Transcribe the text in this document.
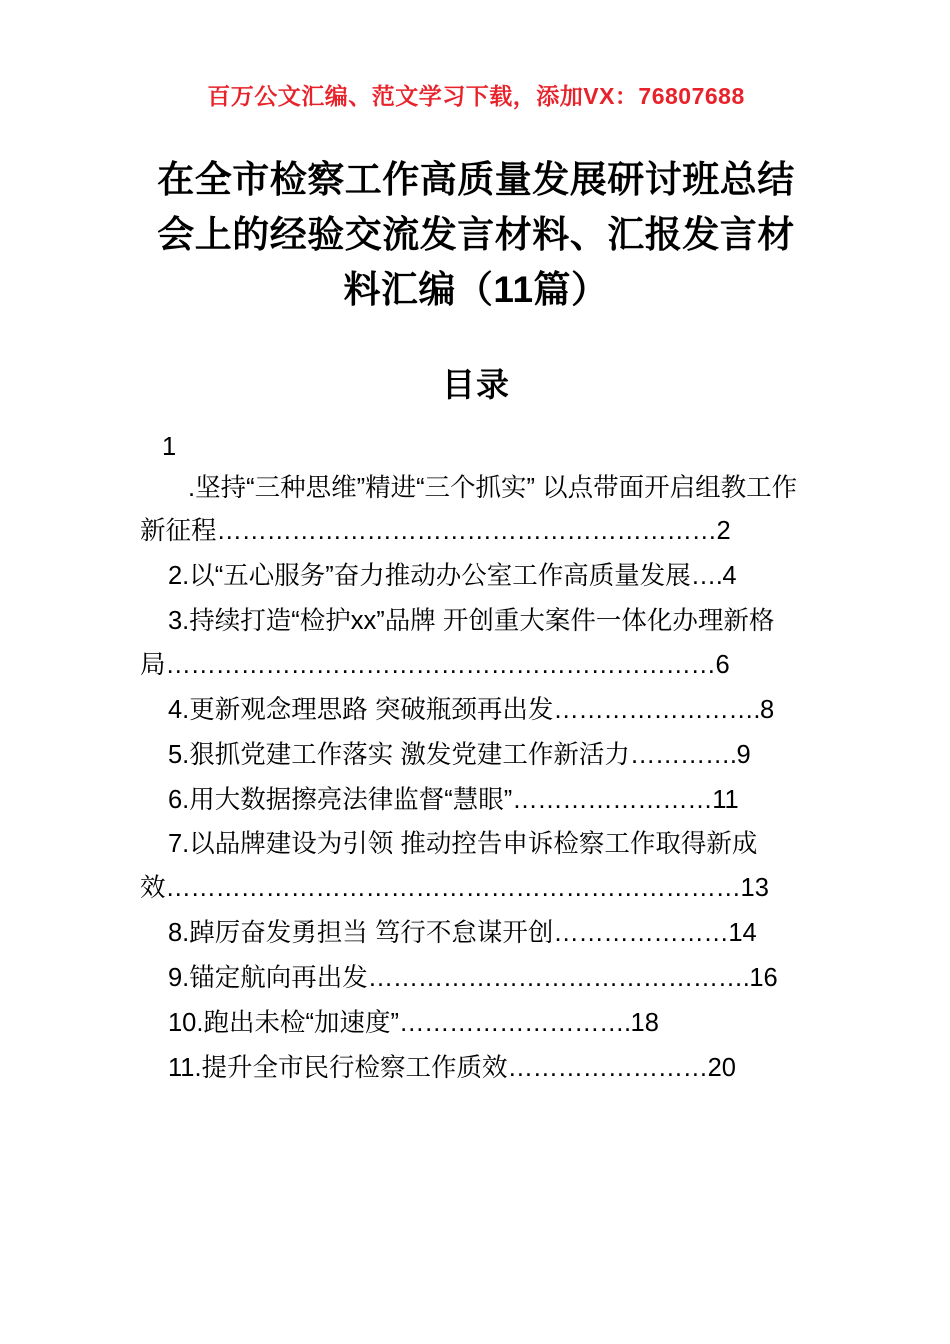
百万公文汇编、范文学习下载，添加VX：76807688
在全市检察工作高质量发展研讨班总结会上的经验交流发言材料、汇报发言材料汇编（11篇）
目录
1
.坚持“三种思维”精进“三个抓实” 以点带面开启组教工作新征程……………………………………………………2
2.以“五心服务”奋力推动办公室工作高质量发展….4
3.持续打造“检护xx”品牌 开创重大案件一体化办理新格局…………………………………………………………6
4.更新观念理思路 突破瓶颈再出发…………………….8
5.狠抓党建工作落实 激发党建工作新活力………….9
6.用大数据擦亮法律监督“慧眼”……………………11
7.以品牌建设为引领 推动控告申诉检察工作取得新成效……………………………………………………………13
8.踔厉奋发勇担当 笃行不怠谋开创…………………14
9.锚定航向再出发……………………………………….16
10.跑出未检“加速度”……………………….18
11.提升全市民行检察工作质效……………………20
